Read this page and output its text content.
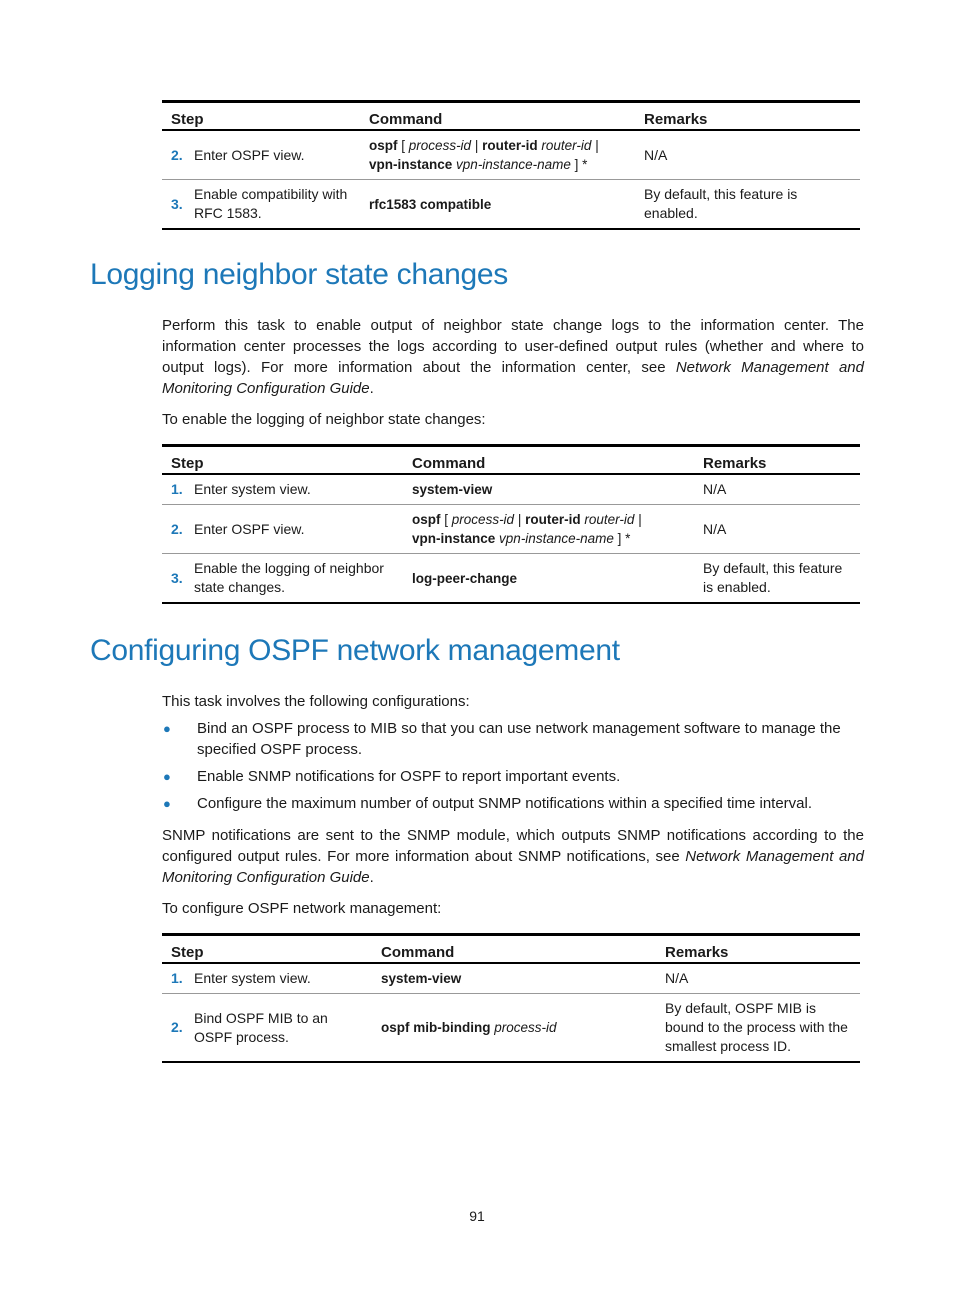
Step		Command	Remarks
2.	Enter OSPF view.	ospf [ process-id | router-id router-id |
vpn-instance vpn-instance-name ] *	N/A
3.	Enable compatibility with RFC 1583.	rfc1583 compatible	By default, this feature is enabled.
Logging neighbor state changes

Perform this task to enable output of neighbor state change logs to the information center. The information center processes the logs according to user-defined output rules (whether and where to output logs). For more information about the information center, see Network Management and Monitoring Configuration Guide.

To enable the logging of neighbor state changes:

Step		Command	Remarks
1.	Enter system view.	system-view	N/A
2.	Enter OSPF view.	ospf [ process-id | router-id router-id |
vpn-instance vpn-instance-name ] *	N/A
3.	Enable the logging of neighbor state changes.	log-peer-change	By default, this feature is enabled.
Configuring OSPF network management

This task involves the following configurations:

● Bind an OSPF process to MIB so that you can use network management software to manage the specified OSPF process.
● Enable SNMP notifications for OSPF to report important events.
● Configure the maximum number of output SNMP notifications within a specified time interval.

SNMP notifications are sent to the SNMP module, which outputs SNMP notifications according to the configured output rules. For more information about SNMP notifications, see Network Management and Monitoring Configuration Guide.

To configure OSPF network management:

Step		Command	Remarks
1.	Enter system view.	system-view	N/A
2.	Bind OSPF MIB to an OSPF process.	ospf mib-binding process-id	By default, OSPF MIB is bound to the process with the smallest process ID.
91
